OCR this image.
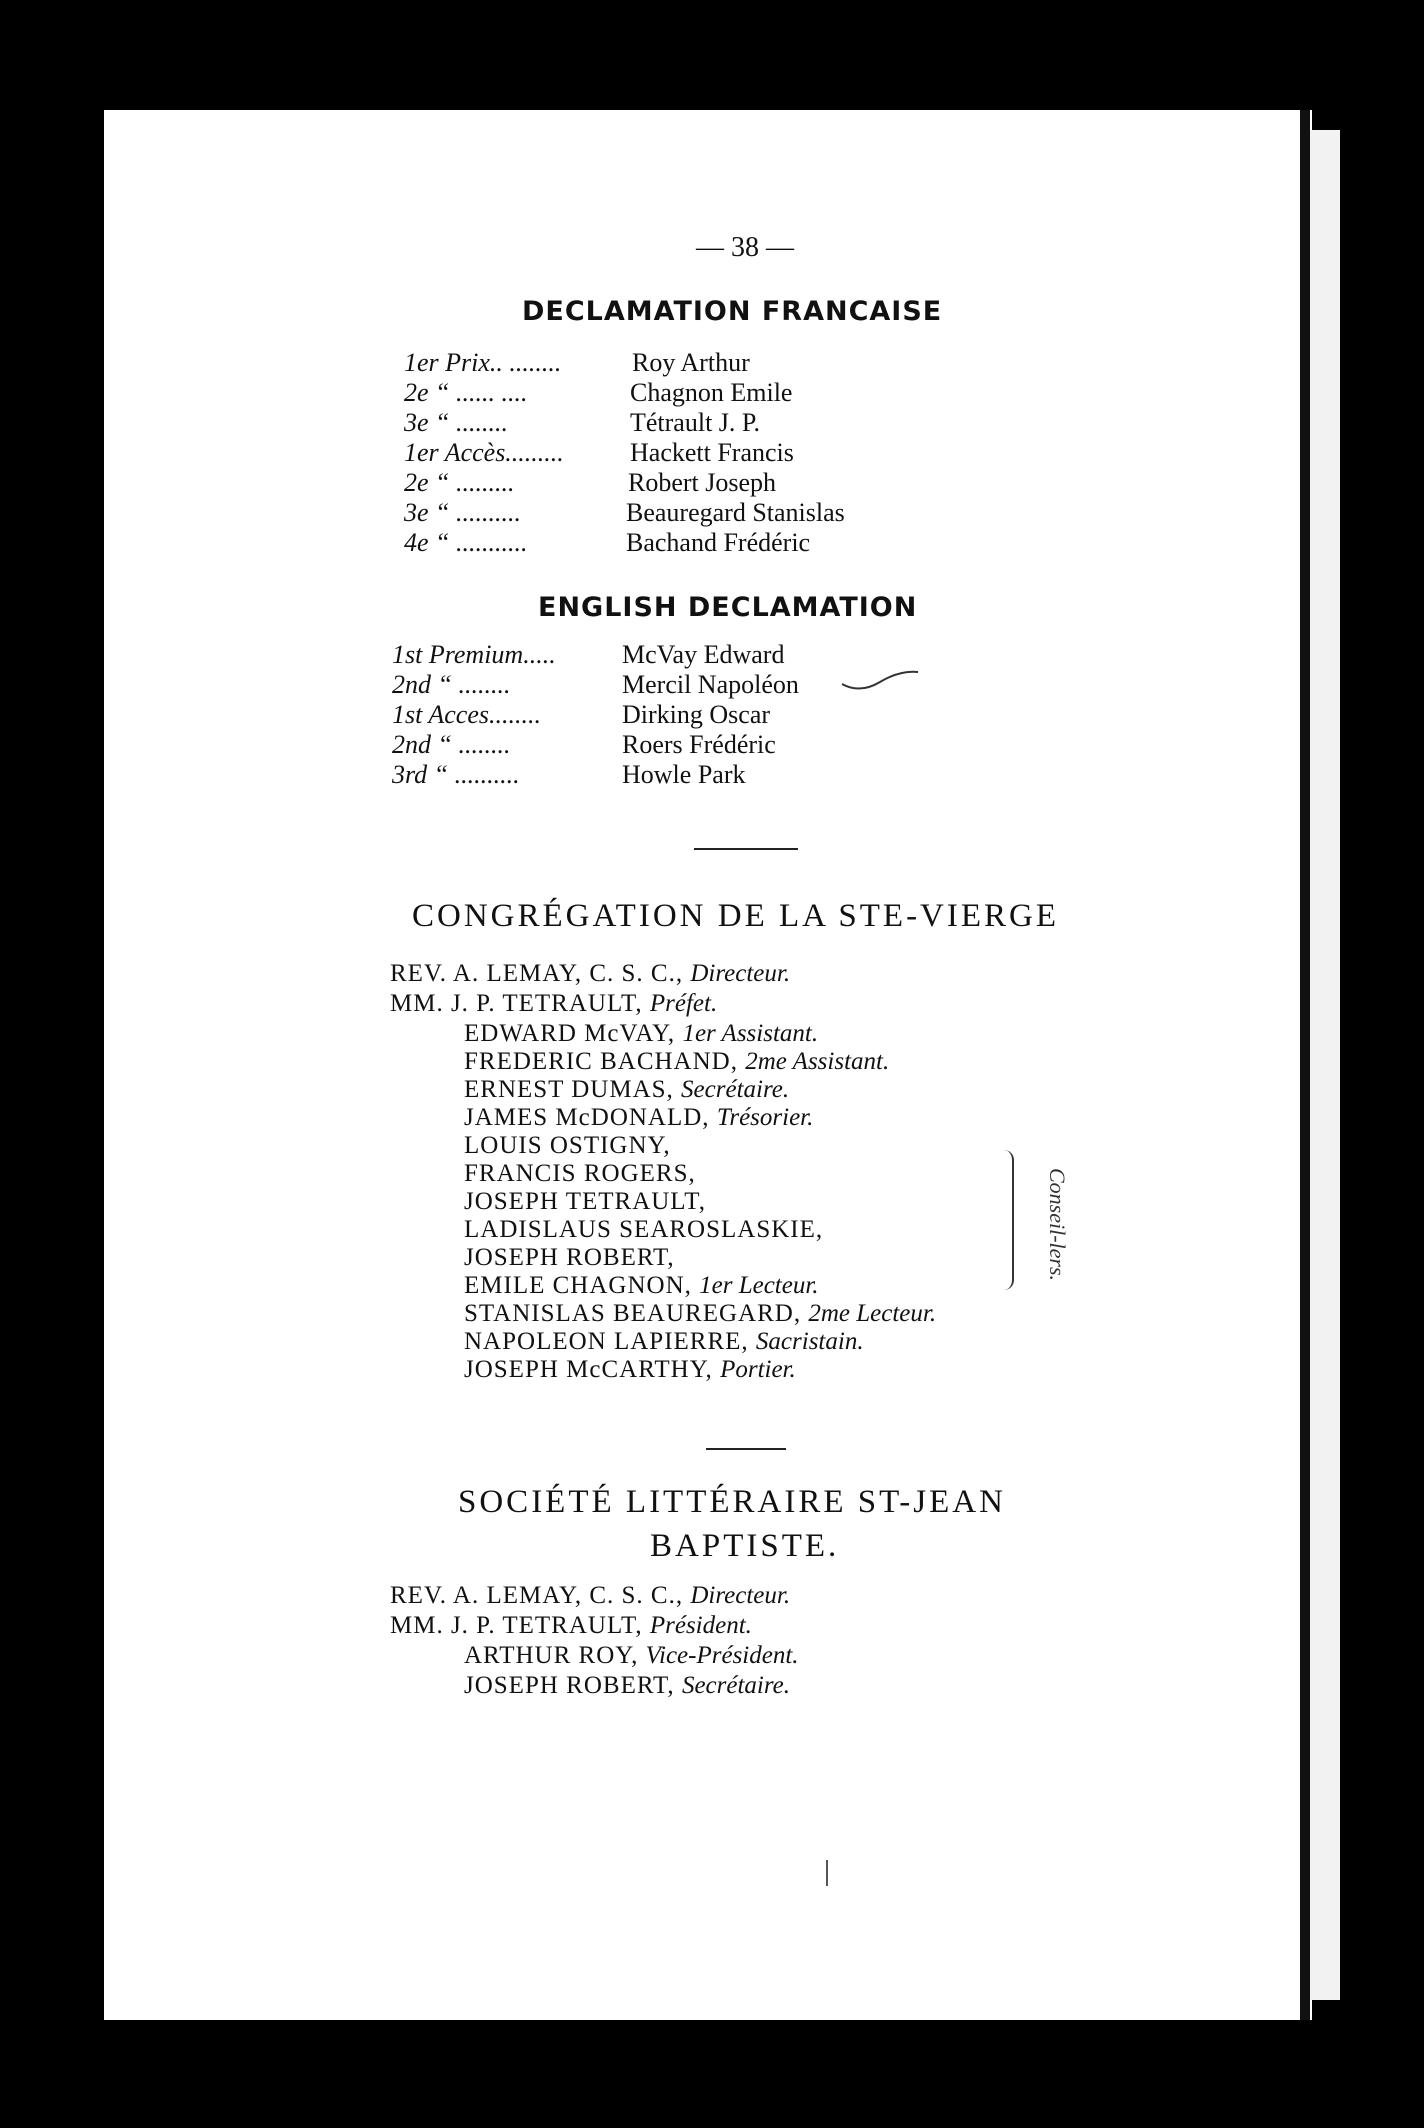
— 38 —
DECLAMATION FRANCAISE
1er Prix.. ........	Roy Arthur
2e “ ...... ....	Chagnon Emile
3e “ ........	Tétrault J. P.
1er Accès.........	Hackett Francis
2e “ .........	Robert Joseph
3e “ ..........	Beauregard Stanislas
4e “ ...........	Bachand Frédéric
ENGLISH DECLAMATION
1st Premium.....	McVay Edward
2nd “ ........	Mercil Napoléon
1st Acces........	Dirking Oscar
2nd “ ........	Roers Frédéric
3rd “ ..........	Howle Park
CONGRÉGATION DE LA STE-VIERGE
REV. A. LEMAY, C. S. C., Directeur.
MM. J. P. TETRAULT, Préfet.
EDWARD McVAY, 1er Assistant.
FREDERIC BACHAND, 2me Assistant.
ERNEST DUMAS, Secrétaire.
JAMES McDONALD, Trésorier.
LOUIS OSTIGNY,
FRANCIS ROGERS,
JOSEPH TETRAULT,
LADISLAUS SEAROSLASKIE,
JOSEPH ROBERT,
EMILE CHAGNON, 1er Lecteur.
STANISLAS BEAUREGARD, 2me Lecteur.
NAPOLEON LAPIERRE, Sacristain.
JOSEPH McCARTHY, Portier.
Conseil-lers.
SOCIÉTÉ LITTÉRAIRE ST-JEAN
BAPTISTE.
REV. A. LEMAY, C. S. C., Directeur.
MM. J. P. TETRAULT, Président.
ARTHUR ROY, Vice-Président.
JOSEPH ROBERT, Secrétaire.
